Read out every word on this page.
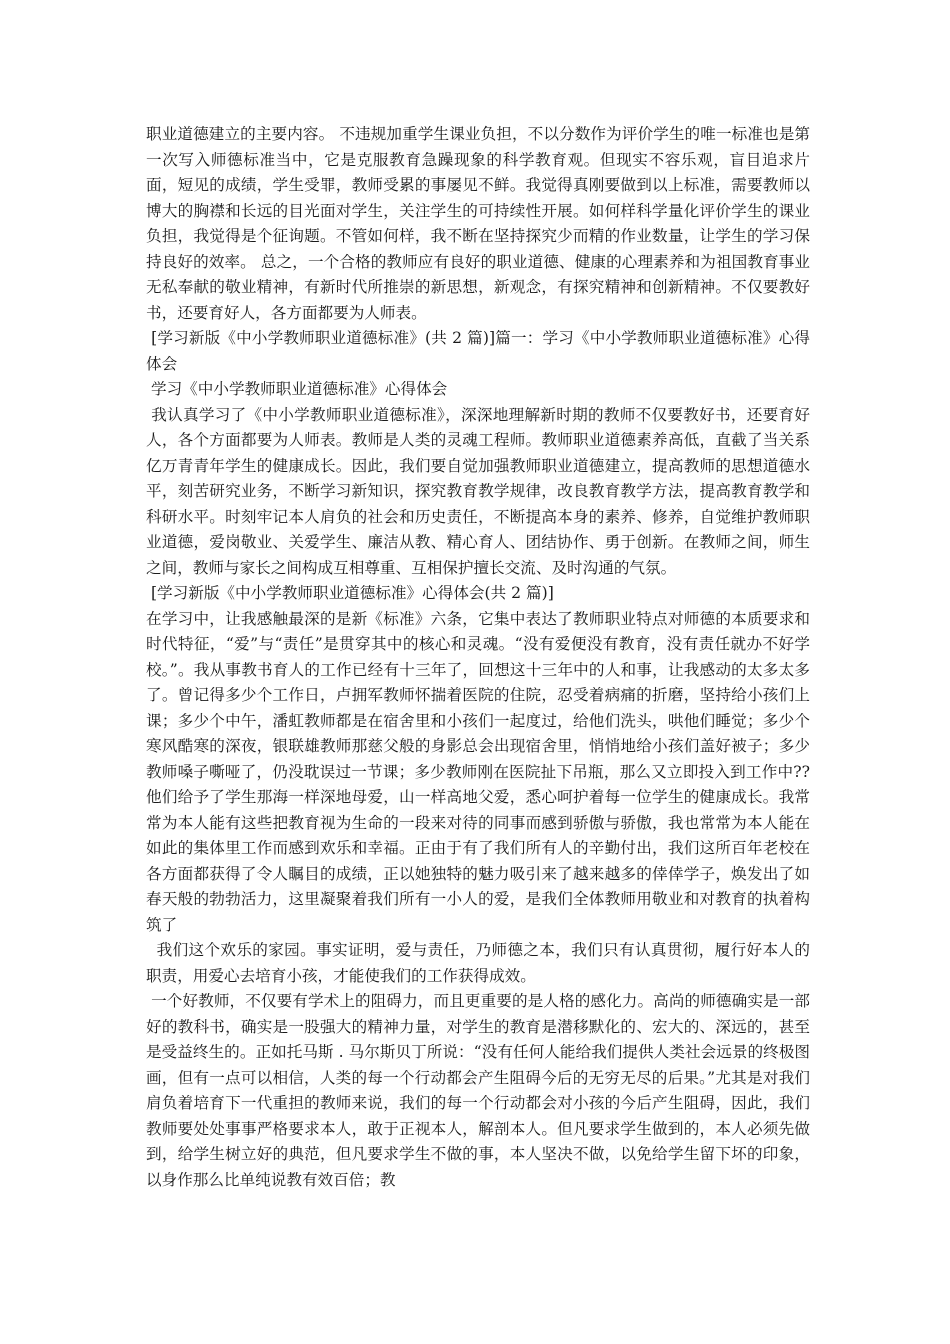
职业道德建立的主要内容。 不违规加重学生课业负担，不以分数作为评价学生的唯一标准也是第一次写入师德标准当中，它是克服教育急躁现象的科学教育观。但现实不容乐观，盲目追求片面，短见的成绩，学生受罪，教师受累的事屡见不鲜。我觉得真刚要做到以上标准，需要教师以博大的胸襟和长远的目光面对学生，关注学生的可持续性开展。如何样科学量化评价学生的课业负担，我觉得是个征询题。不管如何样，我不断在坚持探究少而精的作业数量，让学生的学习保持良好的效率。 总之，一个合格的教师应有良好的职业道德、健康的心理素养和为祖国教育事业无私奉献的敬业精神，有新时代所推崇的新思想，新观念，有探究精神和创新精神。不仅要教好书，还要育好人，各方面都要为人师表。

[学习新版《中小学教师职业道德标准》(共 2 篇)]篇一：学习《中小学教师职业道德标准》心得体会

学习《中小学教师职业道德标准》心得体会

我认真学习了《中小学教师职业道德标准》，深深地理解新时期的教师不仅要教好书，还要育好人，各个方面都要为人师表。教师是人类的灵魂工程师。教师职业道德素养高低，直截了当关系亿万青青年学生的健康成长。因此，我们要自觉加强教师职业道德建立，提高教师的思想道德水平，刻苦研究业务，不断学习新知识，探究教育教学规律，改良教育教学方法，提高教育教学和科研水平。时刻牢记本人肩负的社会和历史责任，不断提高本身的素养、修养，自觉维护教师职业道德，爱岗敬业、关爱学生、廉洁从教、精心育人、团结协作、勇于创新。在教师之间，师生之间，教师与家长之间构成互相尊重、互相保护擅长交流、及时沟通的气氛。

[学习新版《中小学教师职业道德标准》心得体会(共 2 篇)]

在学习中，让我感触最深的是新《标准》六条，它集中表达了教师职业特点对师德的本质要求和时代特征，“爱”与“责任”是贯穿其中的核心和灵魂。“没有爱便没有教育，没有责任就办不好学校。”。我从事教书育人的工作已经有十三年了，回想这十三年中的人和事，让我感动的太多太多了。曾记得多少个工作日，卢拥军教师怀揣着医院的住院，忍受着病痛的折磨，坚持给小孩们上课；多少个中午，潘虹教师都是在宿舍里和小孩们一起度过，给他们洗头，哄他们睡觉；多少个寒风酷寒的深夜，银联雄教师那慈父般的身影总会出现宿舍里，悄悄地给小孩们盖好被子；多少教师嗓子嘶哑了，仍没耽误过一节课；多少教师刚在医院扯下吊瓶，那么又立即投入到工作中??他们给予了学生那海一样深地母爱，山一样高地父爱，悉心呵护着每一位学生的健康成长。我常常为本人能有这些把教育视为生命的一段来对待的同事而感到骄傲与骄傲，我也常常为本人能在如此的集体里工作而感到欢乐和幸福。正由于有了我们所有人的辛勤付出，我们这所百年老校在各方面都获得了令人瞩目的成绩，正以她独特的魅力吸引来了越来越多的倖倖学子，焕发出了如春天般的勃勃活力，这里凝聚着我们所有一小人的爱，是我们全体教师用敬业和对教育的执着构筑了

我们这个欢乐的家园。事实证明，爱与责任，乃师德之本，我们只有认真贯彻，履行好本人的职责，用爱心去培育小孩，才能使我们的工作获得成效。

一个好教师，不仅要有学术上的阻碍力，而且更重要的是人格的感化力。高尚的师德确实是一部好的教科书，确实是一股强大的精神力量，对学生的教育是潜移默化的、宏大的、深远的，甚至是受益终生的。正如托马斯 . 马尔斯贝丁所说：“没有任何人能给我们提供人类社会远景的终极图画，但有一点可以相信，人类的每一个行动都会产生阻碍今后的无穷无尽的后果。”尤其是对我们肩负着培育下一代重担的教师来说，我们的每一个行动都会对小孩的今后产生阻碍，因此，我们教师要处处事事严格要求本人，敢于正视本人，解剖本人。但凡要求学生做到的，本人必须先做到，给学生树立好的典范，但凡要求学生不做的事，本人坚决不做，以免给学生留下坏的印象，以身作那么比单纯说教有效百倍；教
